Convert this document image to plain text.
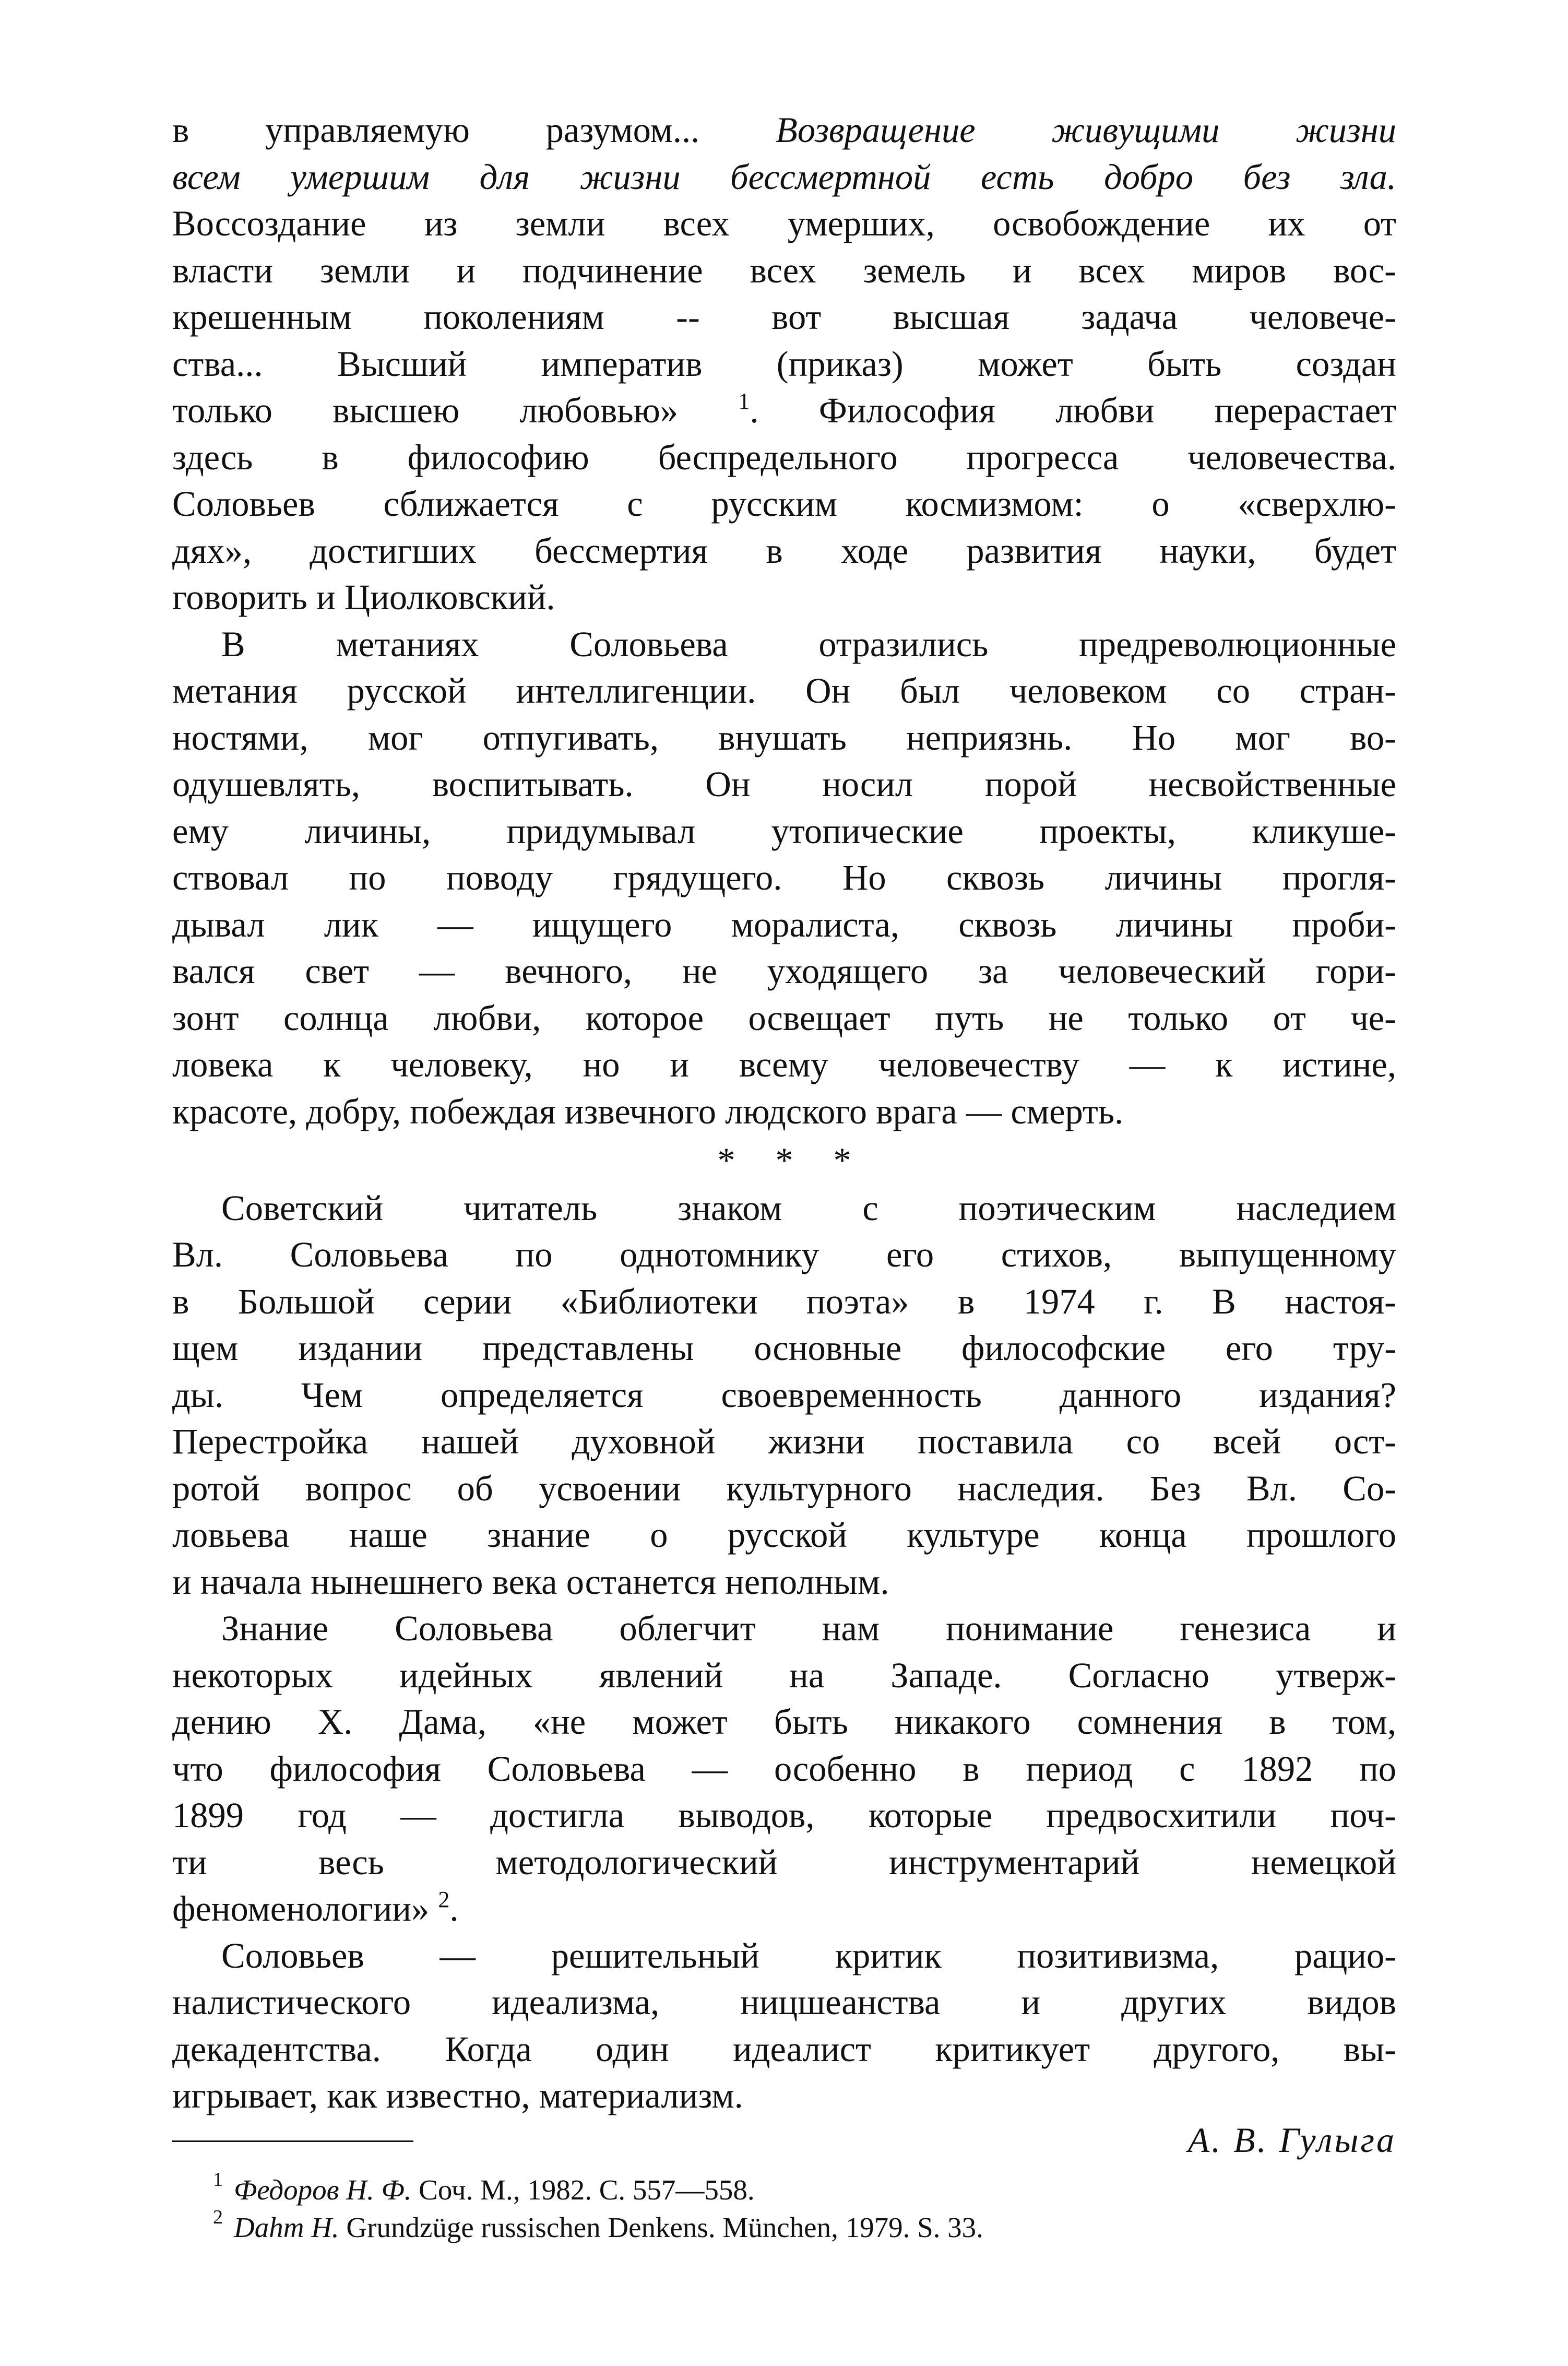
в управляемую разумом... Возвращение живущими жизни
всем умершим для жизни бессмертной есть добро без зла.
Воссоздание из земли всех умерших, освобождение их от
власти земли и подчинение всех земель и всех миров вос-
крешенным поколениям -- вот высшая задача человече-
ства... Высший императив (приказ) может быть создан
только высшею любовью» $^1$. Философия любви перерастает
здесь в философию беспредельного прогресса человечества.
Соловьев сближается с русским космизмом: о «сверхлю-
дях», достигших бессмертия в ходе развития науки, будет
говорить и Циолковский.
В метаниях Соловьева отразились предреволюционные
метания русской интеллигенции. Он был человеком со стран-
ностями, мог отпугивать, внушать неприязнь. Но мог во-
одушевлять, воспитывать. Он носил порой несвойственные
ему личины, придумывал утопические проекты, кликуше-
ствовал по поводу грядущего. Но сквозь личины прогля-
дывал лик — ищущего моралиста, сквозь личины проби-
вался свет — вечного, не уходящего за человеческий гори-
зонт солнца любви, которое освещает путь не только от че-
ловека к человеку, но и всему человечеству — к истине,
красоте, добру, побеждая извечного людского врага — смерть.
* * *
Советский читатель знаком с поэтическим наследием
Вл. Соловьева по однотомнику его стихов, выпущенному
в Большой серии «Библиотеки поэта» в 1974 г. В настоя-
щем издании представлены основные философские его тру-
ды. Чем определяется своевременность данного издания?
Перестройка нашей духовной жизни поставила со всей ост-
ротой вопрос об усвоении культурного наследия. Без Вл. Со-
ловьева наше знание о русской культуре конца прошлого
и начала нынешнего века останется неполным.
Знание Соловьева облегчит нам понимание генезиса и
некоторых идейных явлений на Западе. Согласно утверж-
дению X. Дама, «не может быть никакого сомнения в том,
что философия Соловьева — особенно в период с 1892 по
1899 год — достигла выводов, которые предвосхитили поч-
ти весь методологический инструментарий немецкой
феноменологии» $^2$.
Соловьев — решительный критик позитивизма, рацио-
налистического идеализма, ницшеанства и других видов
декадентства. Когда один идеалист критикует другого, вы-
игрывает, как известно, материализм.
А. В. Гулыга
1 Федоров Н. Ф. Соч. М., 1982. С. 557—558.
2 Dahm H. Grundzüge russischen Denkens. München, 1979. S. 33.
